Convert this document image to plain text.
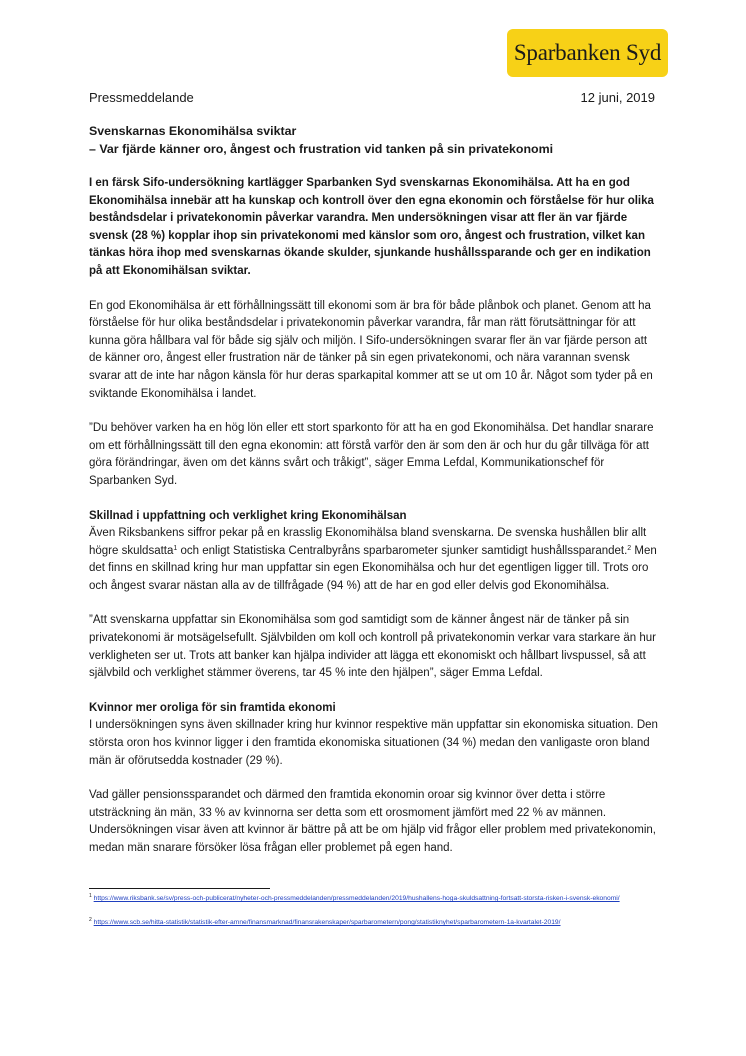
Sparbanken Syd
Pressmeddelande	12 juni, 2019
Svenskarnas Ekonomihälsa sviktar
– Var fjärde känner oro, ångest och frustration vid tanken på sin privatekonomi

I en färsk Sifo-undersökning kartlägger Sparbanken Syd svenskarnas Ekonomihälsa. Att ha en god Ekonomihälsa innebär att ha kunskap och kontroll över den egna ekonomin och förståelse för hur olika beståndsdelar i privatekonomin påverkar varandra. Men undersökningen visar att fler än var fjärde svensk (28 %) kopplar ihop sin privatekonomi med känslor som oro, ångest och frustration, vilket kan tänkas höra ihop med svenskarnas ökande skulder, sjunkande hushållssparande och ger en indikation på att Ekonomihälsan sviktar.

En god Ekonomihälsa är ett förhållningssätt till ekonomi som är bra för både plånbok och planet. Genom att ha förståelse för hur olika beståndsdelar i privatekonomin påverkar varandra, får man rätt förutsättningar för att kunna göra hållbara val för både sig själv och miljön. I Sifo-undersökningen svarar fler än var fjärde person att de känner oro, ångest eller frustration när de tänker på sin egen privatekonomi, och nära varannan svensk svarar att de inte har någon känsla för hur deras sparkapital kommer att se ut om 10 år. Något som tyder på en sviktande Ekonomihälsa i landet.

”Du behöver varken ha en hög lön eller ett stort sparkonto för att ha en god Ekonomihälsa. Det handlar snarare om ett förhållningssätt till den egna ekonomin: att förstå varför den är som den är och hur du går tillväga för att göra förändringar, även om det känns svårt och tråkigt”, säger Emma Lefdal, Kommunikationschef för Sparbanken Syd.

Skillnad i uppfattning och verklighet kring Ekonomihälsan

Även Riksbankens siffror pekar på en krasslig Ekonomihälsa bland svenskarna. De svenska hushållen blir allt högre skuldsatta$^1$ och enligt Statistiska Centralbyråns sparbarometer sjunker samtidigt hushållssparandet.$^2$ Men det finns en skillnad kring hur man uppfattar sin egen Ekonomihälsa och hur det egentligen ligger till. Trots oro och ångest svarar nästan alla av de tillfrågade (94 %) att de har en god eller delvis god Ekonomihälsa.

”Att svenskarna uppfattar sin Ekonomihälsa som god samtidigt som de känner ångest när de tänker på sin privatekonomi är motsägelsefullt. Självbilden om koll och kontroll på privatekonomin verkar vara starkare än hur verkligheten ser ut. Trots att banker kan hjälpa individer att lägga ett ekonomiskt och hållbart livspussel, så att självbild och verklighet stämmer överens, tar 45 % inte den hjälpen”, säger Emma Lefdal.

Kvinnor mer oroliga för sin framtida ekonomi

I undersökningen syns även skillnader kring hur kvinnor respektive män uppfattar sin ekonomiska situation. Den största oron hos kvinnor ligger i den framtida ekonomiska situationen (34 %) medan den vanligaste oron bland män är oförutsedda kostnader (29 %).

Vad gäller pensionssparandet och därmed den framtida ekonomin oroar sig kvinnor över detta i större utsträckning än män, 33 % av kvinnorna ser detta som ett orosmoment jämfört med 22 % av männen. Undersökningen visar även att kvinnor är bättre på att be om hjälp vid frågor eller problem med privatekonomin, medan män snarare försöker lösa frågan eller problemet på egen hand.

$^1$ https://www.riksbank.se/sv/press-och-publicerat/nyheter-och-pressmeddelanden/pressmeddelanden/2019/hushallens-hoga-skuldsattning-fortsatt-storsta-risken-i-svensk-ekonomi/
$^2$ https://www.scb.se/hitta-statistik/statistik-efter-amne/finansmarknad/finansrakenskaper/sparbarometern/pong/statistiknyhet/sparbarometern-1a-kvartalet-2019/
